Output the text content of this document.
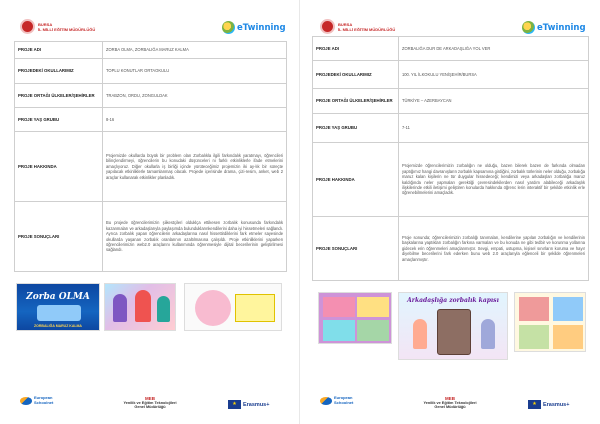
BURSA
İL MİLLİ EĞİTİM MÜDÜRLÜĞÜ	eTwinning
PROJE ADI	ZORBA OLMA, ZORBALIĞA MARUZ KALMA
PROJEDEKİ OKULLARIMIZ	TOPLU KONUTLAR ORTAOKULU
PROJE ORTAĞI ÜLKELER/ŞEHİRLER	TRABZON, ORDU, ZONGULDAK
PROJE YAŞ GRUBU	8-16
PROJE HAKKINDA	Projemizde okullarda büyük bir problem olan Zorbalıkla ilgili farkındalık yaratmayı, öğrencileri bilinçlendirmeyi, öğrencilerin bu konudaki düşünceleri ni farklı etkinliklerle ifade etmelerini amaçlıyoruz. Diğer okullarla iş birliği içinde yürüteceğimiz projemizin iki ay-lık bir süreçte yapılacak etkinliklerle tamamlanmaş olacak. Projede içerisinde drama, çizi-resim, anket, web 2 araçlar kullanarak etkinlikler planladık.
PROJE SONUÇLARI	Bu projede öğrencilerimizin şiikestçileri olduklça ettikesen zorbalık konusunda farkındalık kazanmaları ve arkadaşlarıyla paylaşımda bulunduklarınkendilerini daha iyi hissetmeleri sağlandı. Ayrıca zorbalık yapan öğrencilerin arkadaşlarına nasıl hissettirdiklerini fark etmeler sayesinde okullarda yaşanan zorbalık oranlarının azaltılmasına çalışıldı. Proje etkinliklerini yaparken öğrencilerimizin web2.0 araçlarını kullanmında öğrenmesiyle dijital becerilerinin geliştirilmesi sağlandı.
Zorba OLMA
ZORBALIĞA MARUZ KALMA
European
Schoolnet
MEB
Yenilik ve Eğitim Teknolojileri
Genel Müdürlüğü
★	Erasmus+
BURSA
İL MİLLİ EĞİTİM MÜDÜRLÜĞÜ	eTwinning
PROJE ADI	ZORBALIĞA DUR DE ARKADAŞLIĞA YOL VER
PROJEDEKİ OKULLARIMIZ	100. YIL İLKOKULU YENİŞEHİR/BURSA
PROJE ORTAĞI ÜLKELER/ŞEHİRLER	TÜRKİYE – AZERBAYCAN
PROJE YAŞ GRUBU	7-11
PROJE HAKKINDA	Projemizde öğrencilerimizin zorbalığın ne olduğu, bazen bilerek bazen de farkında olmadan yaptığımız hangi davranışların zorbalık kapsamına girdiğini, zorbalık türlerinin neler olduğu, zorbalığa maruz kalan kişilerin ne tür duygular hissedeceği; kendimizi veya arkadaşları zorbalığa maruz kaldığında neler yapmaları gerektiği çevresindekilerden nasıl yardım alabileceği arkadaşlık ilişkilerinde etkili iletişimi geliştiren konularda hakkında öğrenc lerin interaktif bir şekilde etkinlik erle öğrenebilmelerini amaçladık.
PROJE SONUÇLARI	Proje sonunda; öğrencilerimizin zorbalığı tanımaları, kendilerine yapılan zorbalığın ve kendilerinin başkalarına yaptıkları zorbalığın farkına varmaları ve bu konuda ne gibi tedbir ve korunma yollarına gidecek erin öğrenmeleri amaçlanmıştır. Sevgi, empati, ustupma, kişisel sınırların koruma ve hayır diyebilme becerilerini fark ederken bunu web 2.0 araçlarıyla eğlenceli bir şekilde öğrenmeleri amaçlanmıştır.
Arkadaşlığa zorbalık kapısı
European
Schoolnet
MEB
Yenilik ve Eğitim Teknolojileri
Genel Müdürlüğü
★	Erasmus+
